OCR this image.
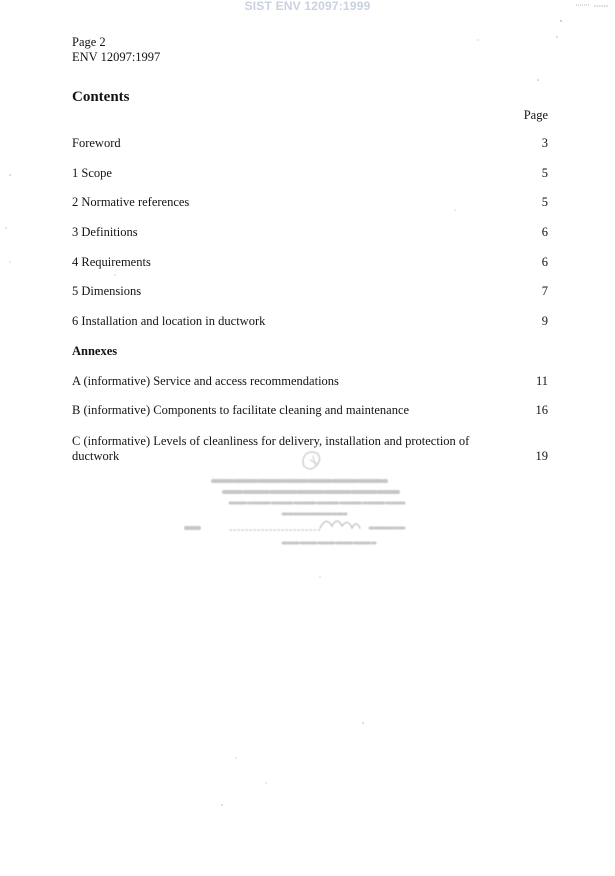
SIST ENV 12097:1999
Page 2
ENV 12097:1997
Contents
Page
Foreword	3
1 Scope	5
2 Normative references	5
3 Definitions	6
4 Requirements	6
5 Dimensions	7
6 Installation and location in ductwork	9
Annexes
A (informative) Service and access recommendations	11
B (informative) Components to facilitate cleaning and maintenance	16
C (informative) Levels of cleanliness for delivery, installation and protection of
ductwork	19
